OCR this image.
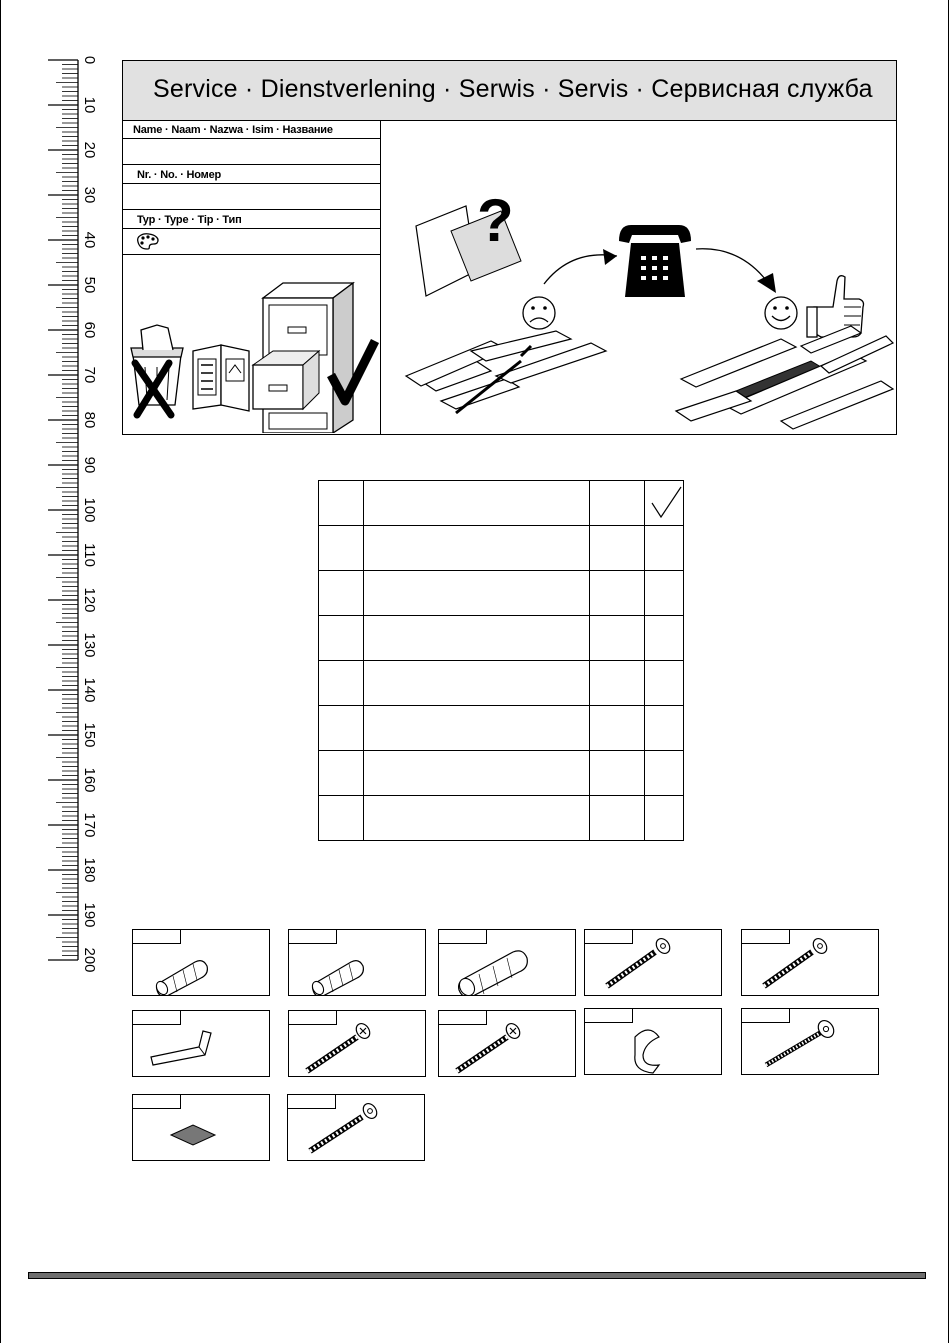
0
10
20
30
40
50
60
70
80
90
100
110
120
130
140
150
160
170
180
190
200
Service · Dienstverlening · Serwis · Servis · Сервисная служба
Name · Naam · Nazwa · Isim · Название
Nr. · No. · Номер
Typ · Type · Tip · Тип	?
